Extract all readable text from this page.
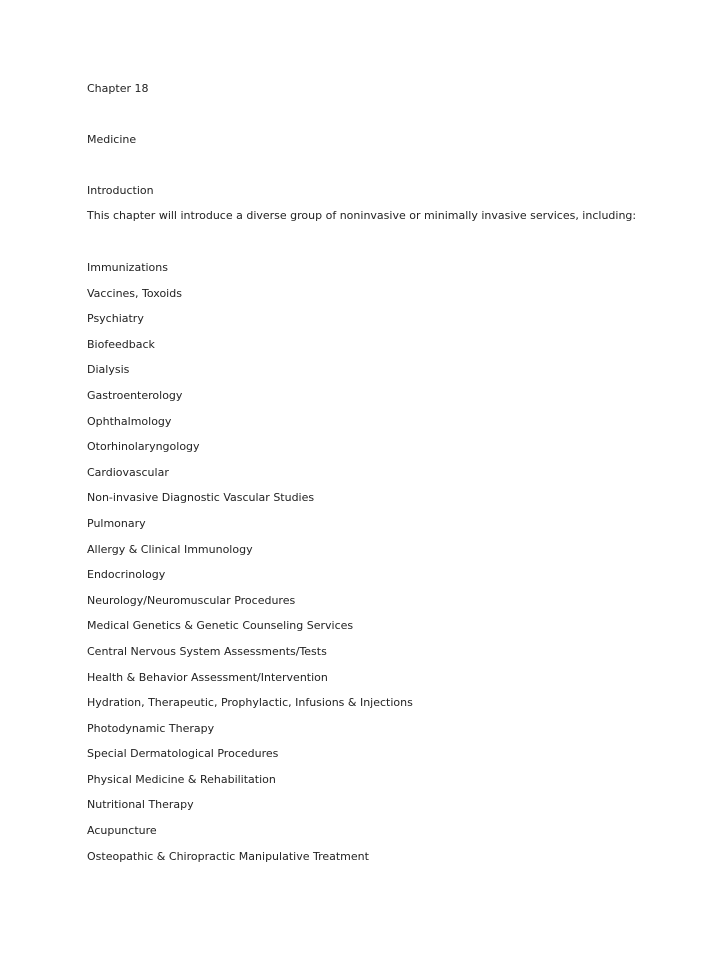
Chapter 18
Medicine
Introduction
This chapter will introduce a diverse group of noninvasive or minimally invasive services, including:
Immunizations
Vaccines, Toxoids
Psychiatry
Biofeedback
Dialysis
Gastroenterology
Ophthalmology
Otorhinolaryngology
Cardiovascular
Non-invasive Diagnostic Vascular Studies
Pulmonary
Allergy & Clinical Immunology
Endocrinology
Neurology/Neuromuscular Procedures
Medical Genetics & Genetic Counseling Services
Central Nervous System Assessments/Tests
Health & Behavior Assessment/Intervention
Hydration, Therapeutic, Prophylactic, Infusions & Injections
Photodynamic Therapy
Special Dermatological Procedures
Physical Medicine & Rehabilitation
Nutritional Therapy
Acupuncture
Osteopathic & Chiropractic Manipulative Treatment
